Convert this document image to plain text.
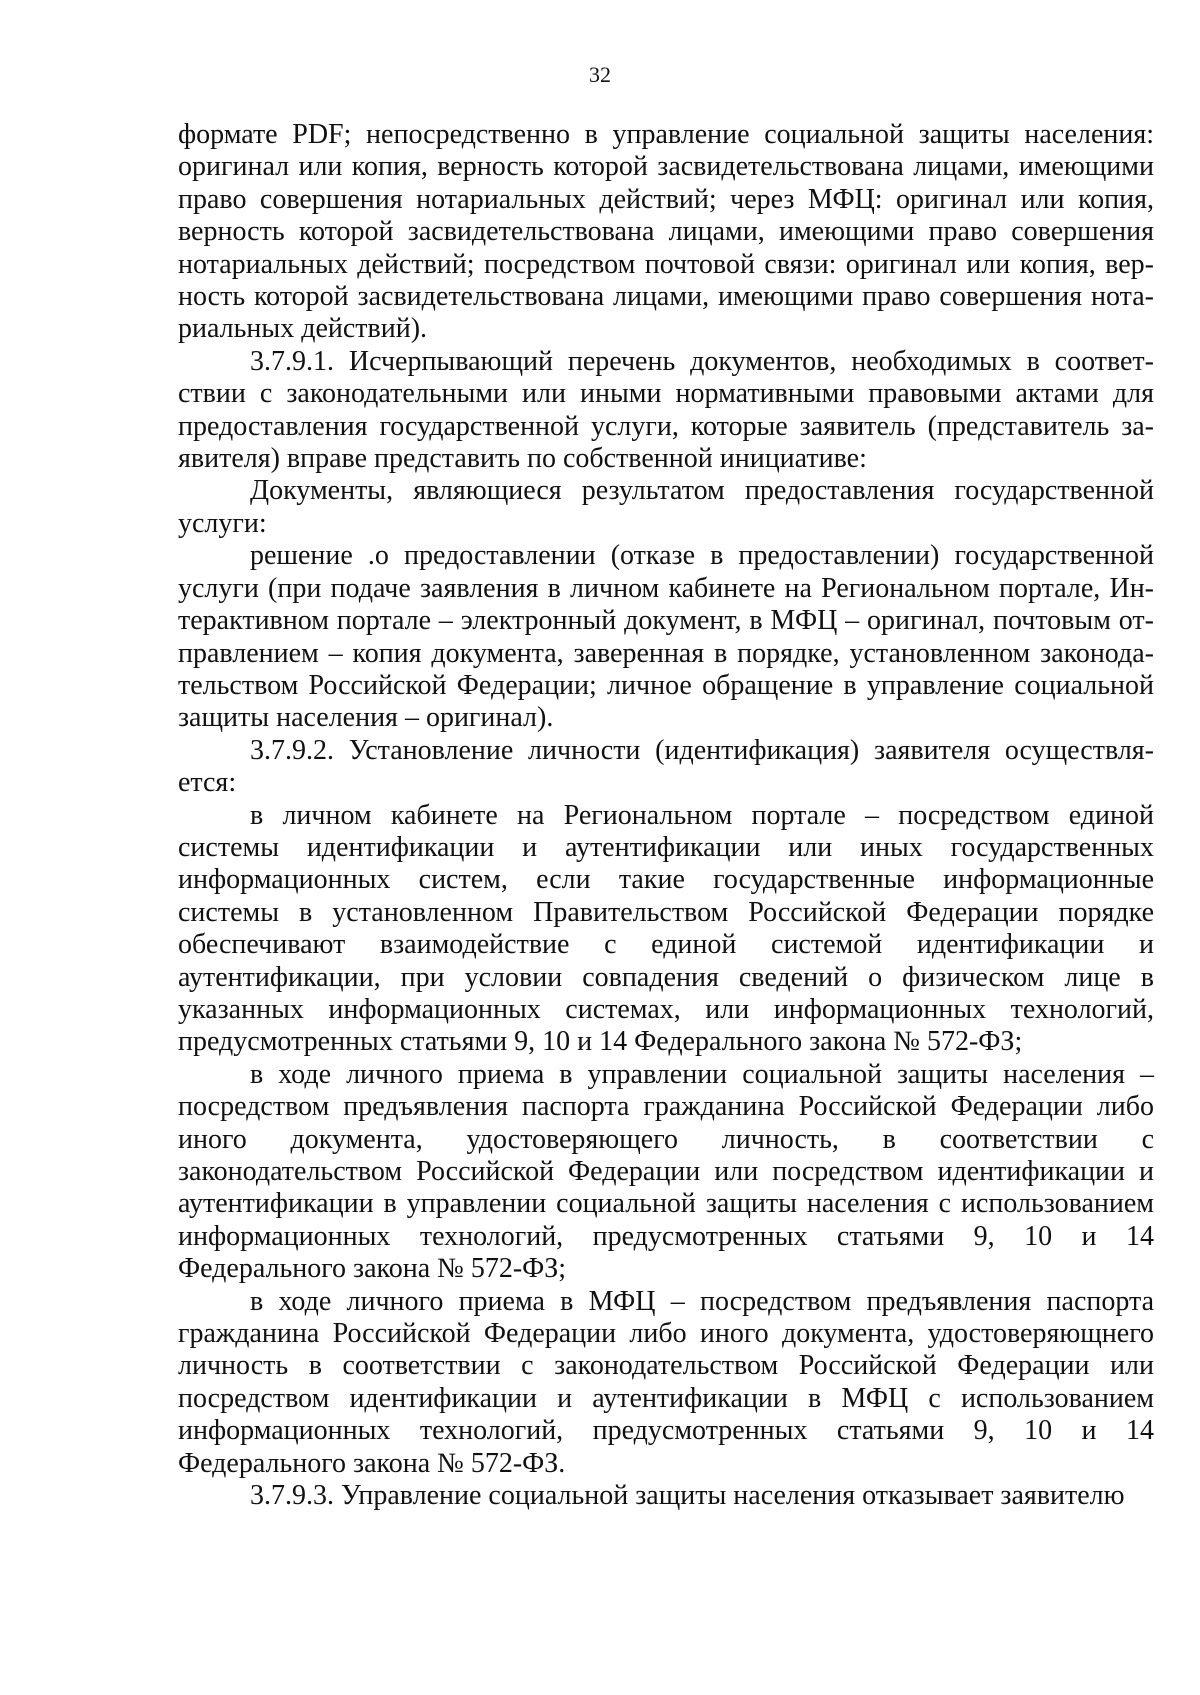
32

формате PDF; непосредственно в управление социальной защиты населения:
оригинал или копия, верность которой засвидетельствована лицами, имеющими
право совершения нотариальных действий; через МФЦ: оригинал или копия,
верность которой засвидетельствована лицами, имеющими право совершения
нотариальных действий; посредством почтовой связи: оригинал или копия, вер-
ность которой засвидетельствована лицами, имеющими право совершения нота-
риальных действий).

3.7.9.1. Исчерпывающий перечень документов, необходимых в соответ-
ствии с законодательными или иными нормативными правовыми актами для
предоставления государственной услуги, которые заявитель (представитель за-
явителя) вправе представить по собственной инициативе:

Документы, являющиеся результатом предоставления государственной
услуги:

решение .о предоставлении (отказе в предоставлении) государственной
услуги (при подаче заявления в личном кабинете на Региональном портале, Ин-
терактивном портале – электронный документ, в МФЦ – оригинал, почтовым от-
правлением – копия документа, заверенная в порядке, установленном законода-
тельством Российской Федерации; личное обращение в управление социальной
защиты населения – оригинал).

3.7.9.2. Установление личности (идентификация) заявителя осуществля-
ется:

в личном кабинете на Региональном портале – посредством единой
системы идентификации и аутентификации или иных государственных
информационных систем, если такие государственные информационные
системы в установленном Правительством Российской Федерации порядке
обеспечивают взаимодействие с единой системой идентификации и
аутентификации, при условии совпадения сведений о физическом лице в
указанных информационных системах, или информационных технологий,
предусмотренных статьями 9, 10 и 14 Федерального закона № 572-ФЗ;

в ходе личного приема в управлении социальной защиты населения –
посредством предъявления паспорта гражданина Российской Федерации либо
иного документа, удостоверяющего личность, в соответствии с
законодательством Российской Федерации или посредством идентификации и
аутентификации в управлении социальной защиты населения с использованием
информационных технологий, предусмотренных статьями 9, 10 и 14
Федерального закона № 572-ФЗ;

в ходе личного приема в МФЦ – посредством предъявления паспорта
гражданина Российской Федерации либо иного документа, удостоверяющнего
личность в соответствии с законодательством Российской Федерации или
посредством идентификации и аутентификации в МФЦ с использованием
информационных технологий, предусмотренных статьями 9, 10 и 14
Федерального закона № 572-ФЗ.

3.7.9.3. Управление социальной защиты населения отказывает заявителю
